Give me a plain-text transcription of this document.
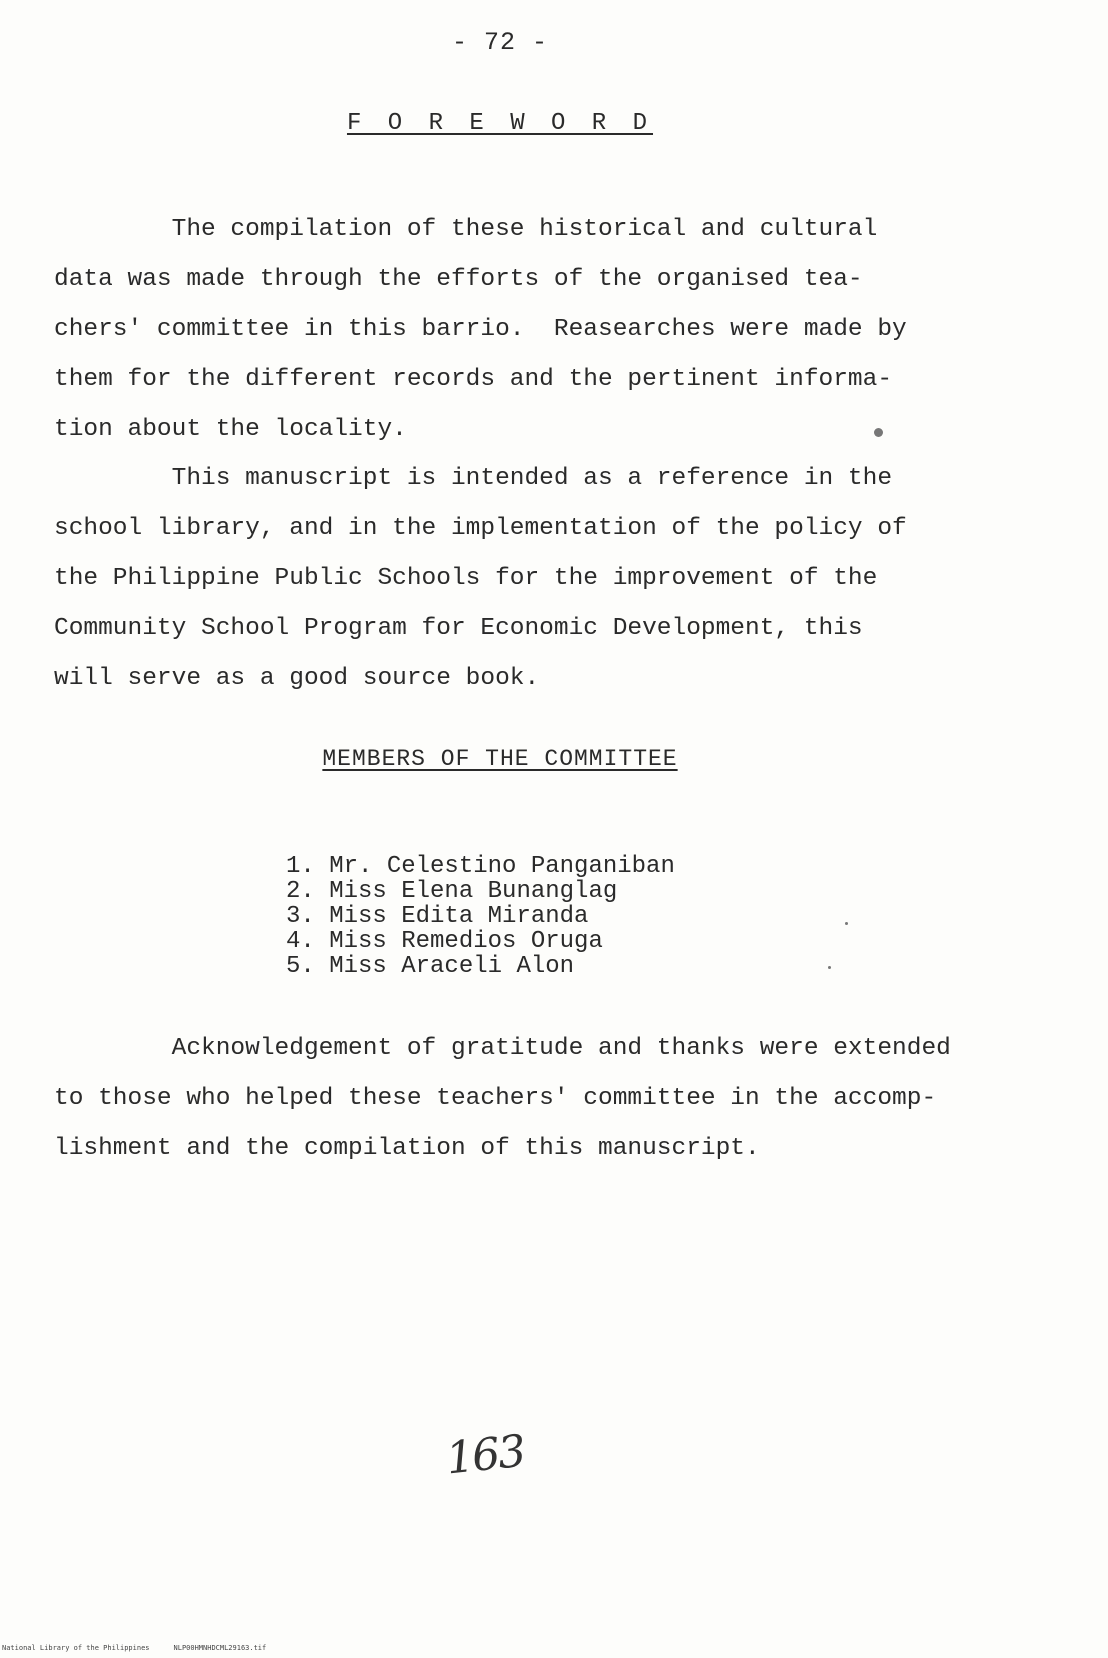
- 72 -
F O R E W O R D

The compilation of these historical and cultural
data was made through the efforts of the organised tea-
chers' committee in this barrio.  Reasearches were made by
them for the different records and the pertinent informa-
tion about the locality.

This manuscript is intended as a reference in the
school library, and in the implementation of the policy of
the Philippine Public Schools for the improvement of the
Community School Program for Economic Development, this
will serve as a good source book.

MEMBERS OF THE COMMITTEE
1. Mr. Celestino Panganiban
2. Miss Elena Bunanglag
3. Miss Edita Miranda
4. Miss Remedios Oruga
5. Miss Araceli Alon

Acknowledgement of gratitude and thanks were extended
to those who helped these teachers' committee in the accomp-
lishment and the compilation of this manuscript.

163
National Library of the Philippines	NLP00HMNHDCML29163.tif
